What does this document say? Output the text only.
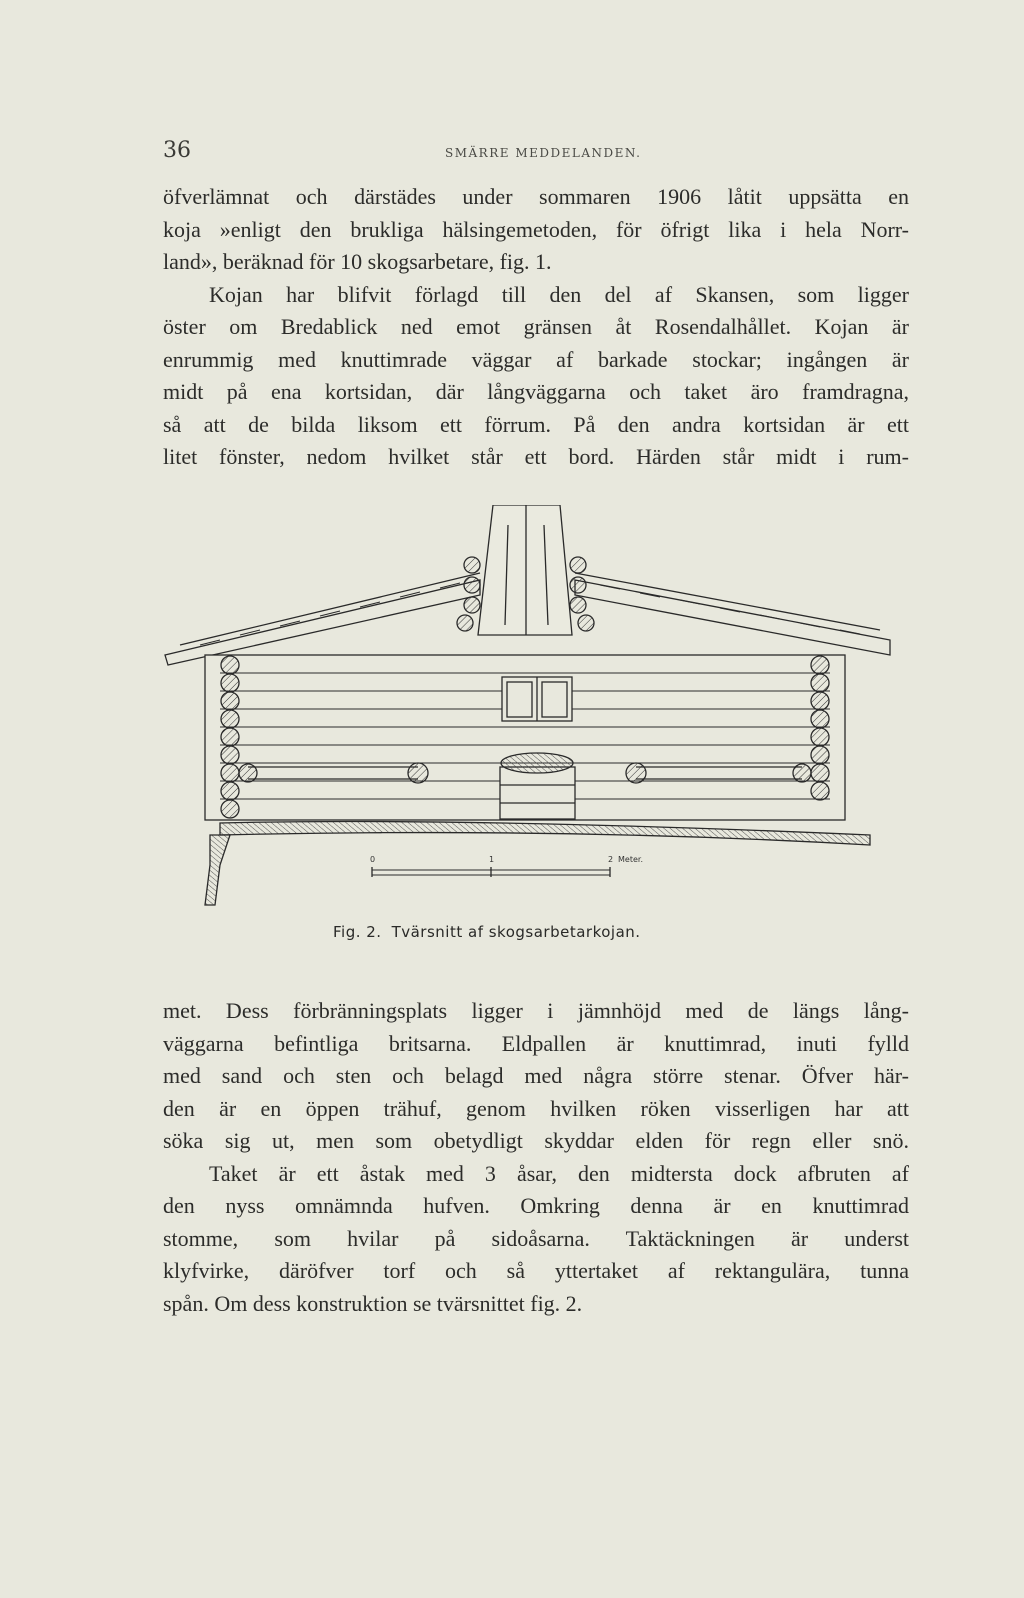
36	SMÄRRE MEDDELANDEN.
öfverlämnat och därstädes under sommaren 1906 låtit uppsätta en
koja »enligt den brukliga hälsingemetoden, för öfrigt lika i hela Norr-
land», beräknad för 10 skogsarbetare, fig. 1.
Kojan har blifvit förlagd till den del af Skansen, som ligger
öster om Bredablick ned emot gränsen åt Rosendalhållet. Kojan är
enrummig med knuttimrade väggar af barkade stockar; ingången är
midt på ena kortsidan, där långväggarna och taket äro framdragna,
så att de bilda liksom ett förrum. På den andra kortsidan är ett
litet fönster, nedom hvilket står ett bord. Härden står midt i rum-
0	1	2 Meter.
Fig. 2. Tvärsnitt af skogsarbetarkojan.
met. Dess förbränningsplats ligger i jämnhöjd med de längs lång-
väggarna befintliga britsarna. Eldpallen är knuttimrad, inuti fylld
med sand och sten och belagd med några större stenar. Öfver här-
den är en öppen trähuf, genom hvilken röken visserligen har att
söka sig ut, men som obetydligt skyddar elden för regn eller snö.
Taket är ett åstak med 3 åsar, den midtersta dock afbruten af
den nyss omnämnda hufven. Omkring denna är en knuttimrad
stomme, som hvilar på sidoåsarna. Taktäckningen är underst
klyfvirke, däröfver torf och så yttertaket af rektangulära, tunna
spån. Om dess konstruktion se tvärsnittet fig. 2.
